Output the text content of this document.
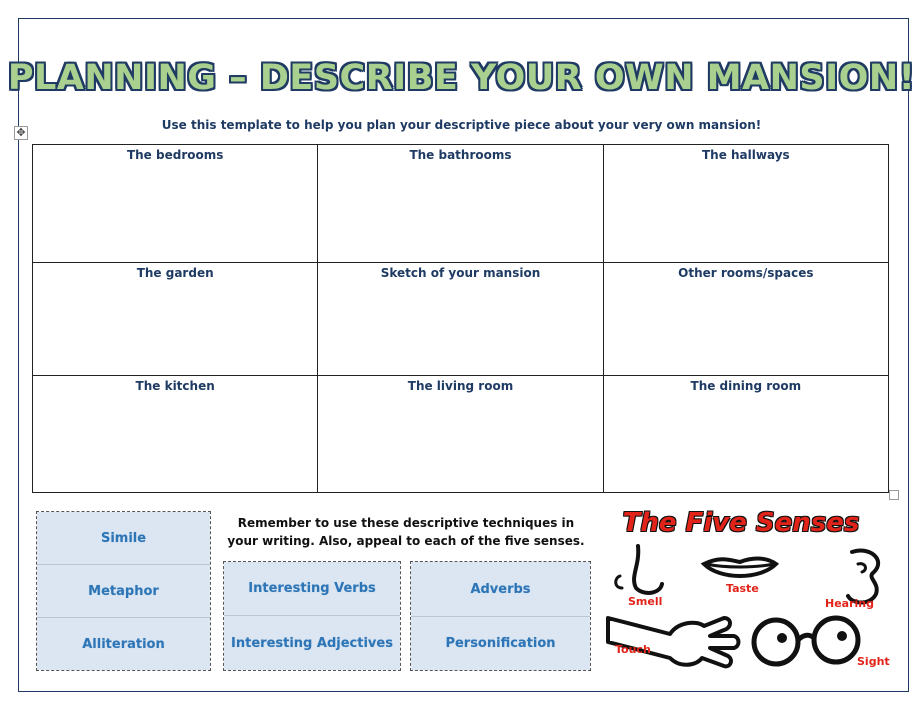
PLANNING – DESCRIBE YOUR OWN MANSION!
Use this template to help you plan your descriptive piece about your very own mansion!
✥
The bedrooms	The bathrooms	The hallways
The garden	Sketch of your mansion	Other rooms/spaces
The kitchen	The living room	The dining room
Simile
Metaphor
Alliteration
Interesting Verbs
Interesting Adjectives
Adverbs
Personification
Remember to use these descriptive techniques in your writing. Also, appeal to each of the five senses.
The Five Senses
Smell
Taste
Hearing
Touch
Sight
